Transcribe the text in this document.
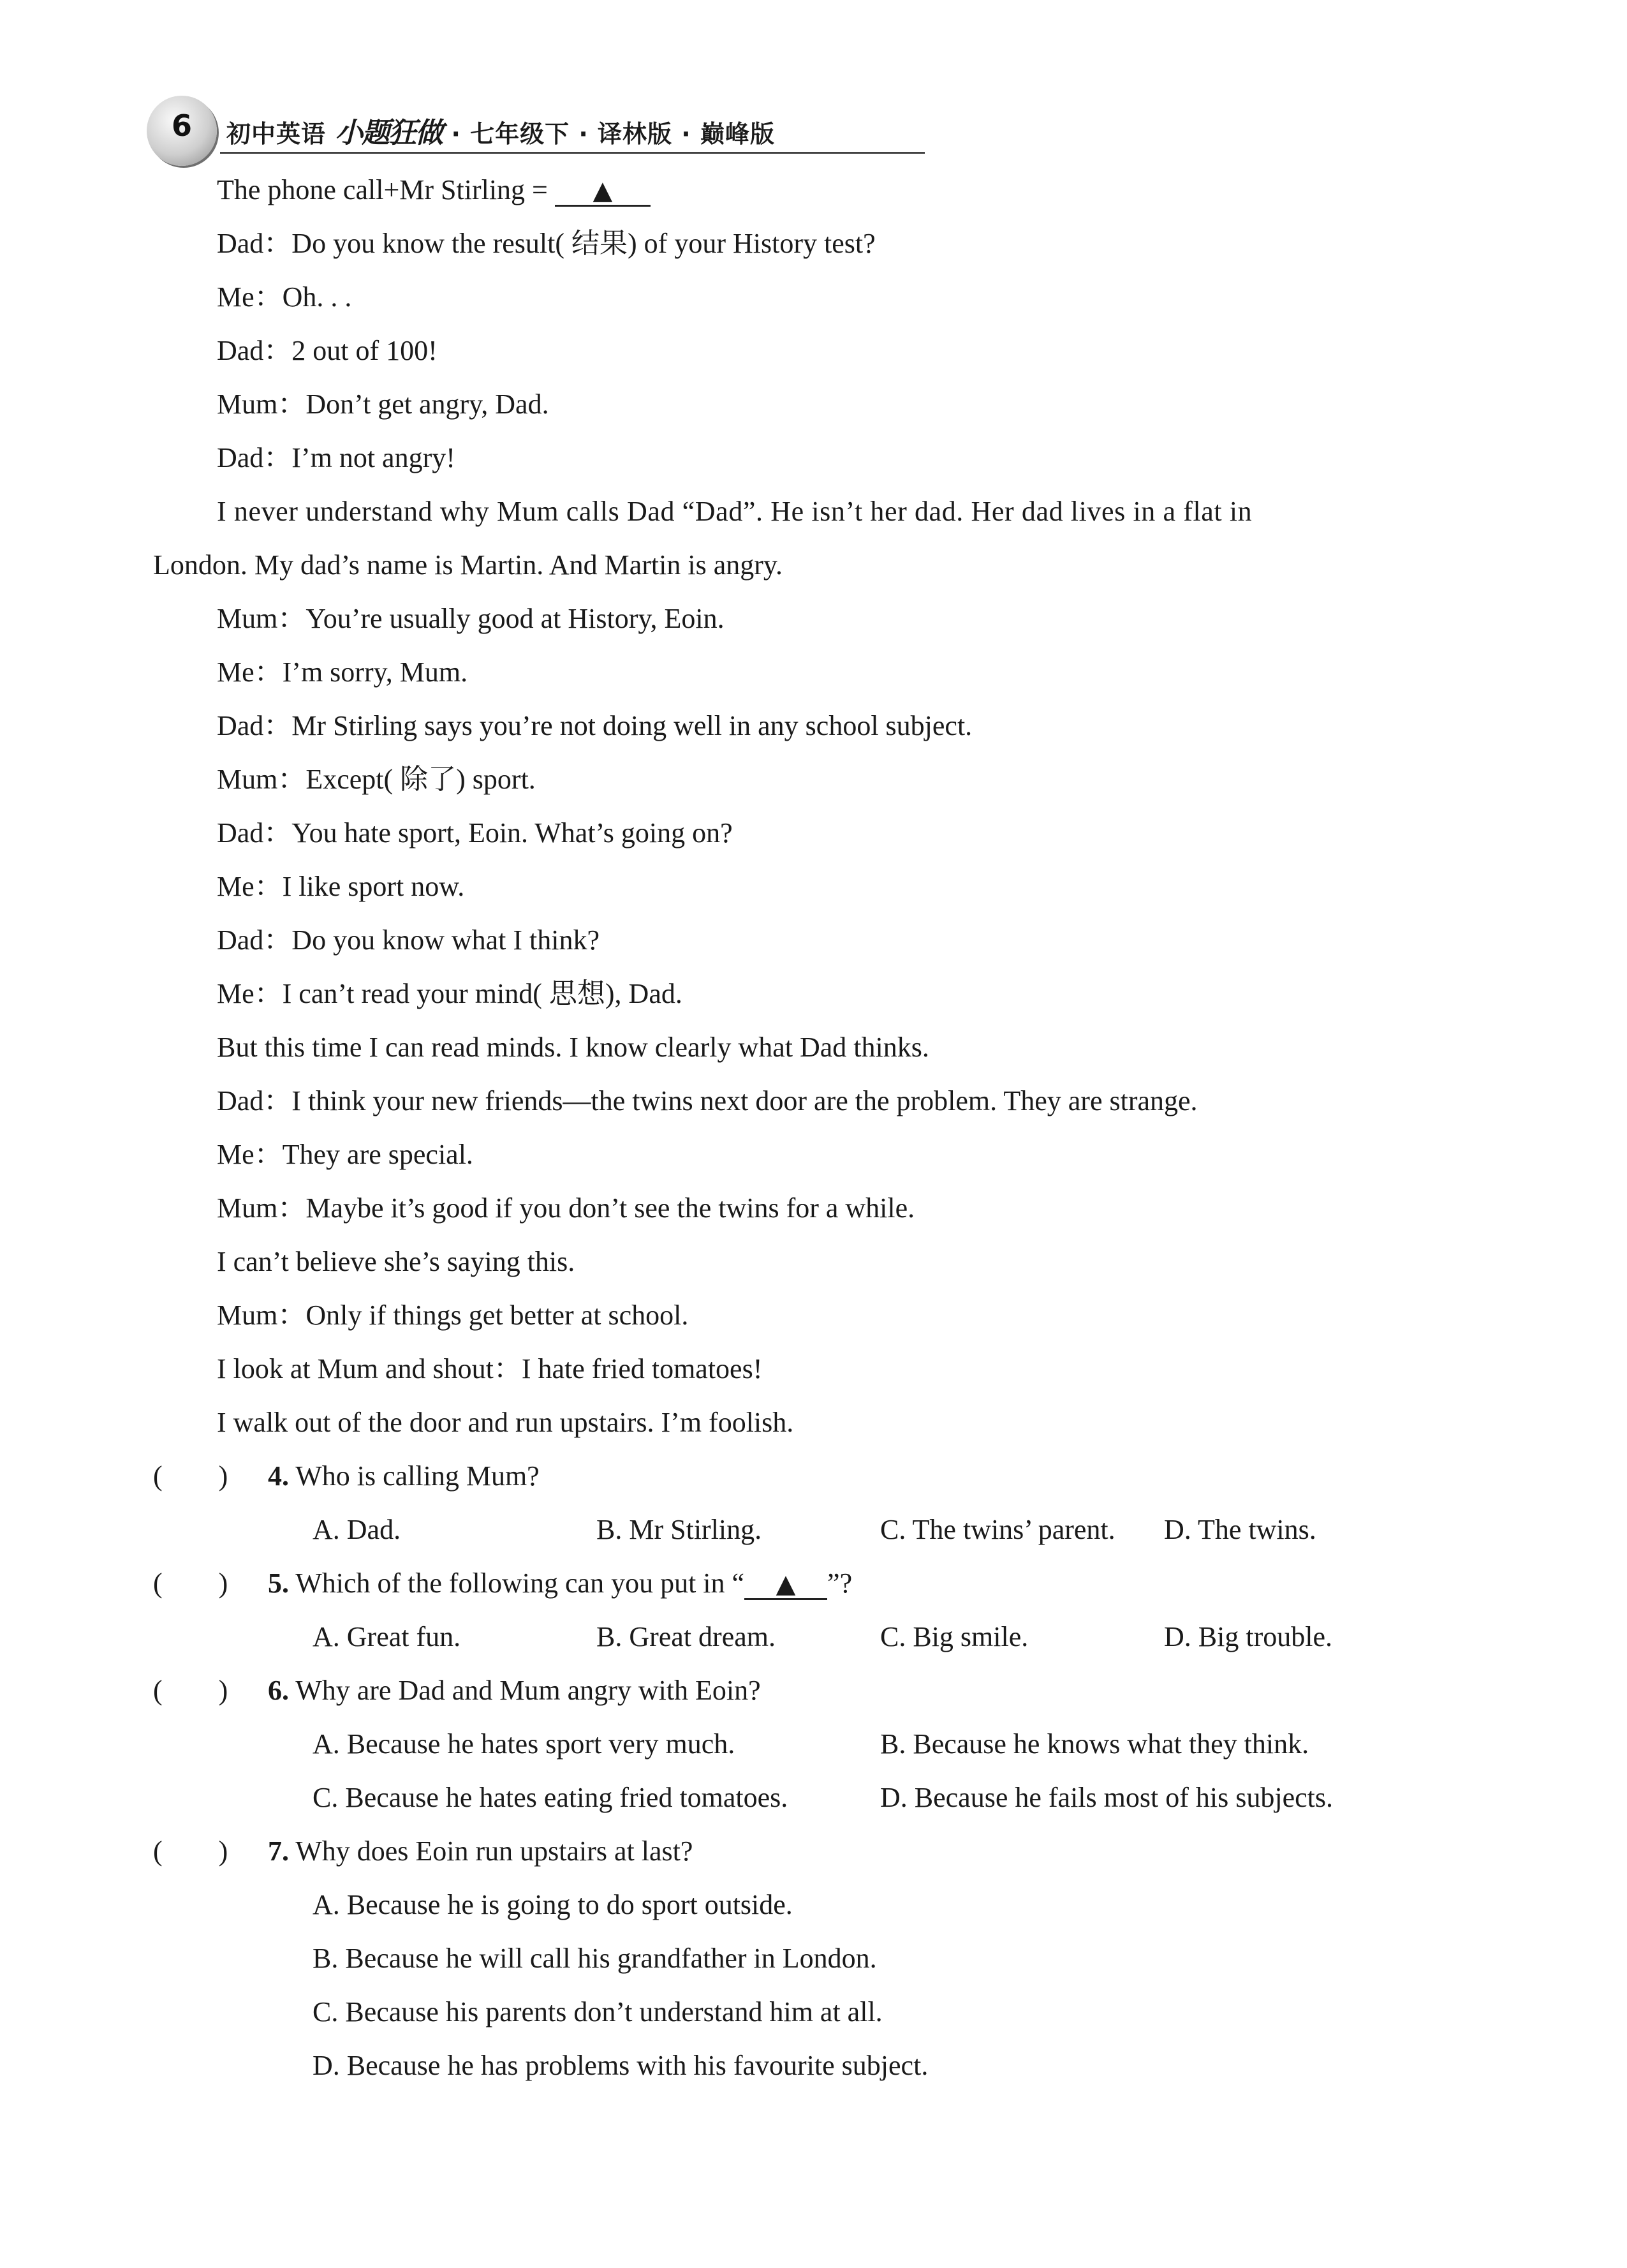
6	初中英语 小题狂做 · 七年级下 · 译林版 · 巅峰版
The phone call+Mr Stirling = ▲
Dad：Do you know the result( 结果) of your History test?
Me：Oh. . .
Dad：2 out of 100!
Mum：Don’t get angry, Dad.
Dad：I’m not angry!
I never understand why Mum calls Dad “Dad”. He isn’t her dad. Her dad lives in a flat in
London. My dad’s name is Martin. And Martin is angry.
Mum：You’re usually good at History, Eoin.
Me：I’m sorry, Mum.
Dad：Mr Stirling says you’re not doing well in any school subject.
Mum：Except( 除了) sport.
Dad：You hate sport, Eoin. What’s going on?
Me：I like sport now.
Dad：Do you know what I think?
Me：I can’t read your mind( 思想), Dad.
But this time I can read minds. I know clearly what Dad thinks.
Dad：I think your new friends—the twins next door are the problem. They are strange.
Me：They are special.
Mum：Maybe it’s good if you don’t see the twins for a while.
I can’t believe she’s saying this.
Mum：Only if things get better at school.
I look at Mum and shout：I hate fried tomatoes!
I walk out of the door and run upstairs. I’m foolish.
(　　) 4. Who is calling Mum?
A. Dad.	B. Mr Stirling.	C. The twins’ parent. D. The twins.
(　　) 5. Which of the following can you put in “ ▲ ”?
A. Great fun.	B. Great dream.	C. Big smile.	D. Big trouble.
(　　) 6. Why are Dad and Mum angry with Eoin?
A. Because he hates sport very much.	B. Because he knows what they think.
C. Because he hates eating fried tomatoes.	D. Because he fails most of his subjects.
(　　) 7. Why does Eoin run upstairs at last?
A. Because he is going to do sport outside.
B. Because he will call his grandfather in London.
C. Because his parents don’t understand him at all.
D. Because he has problems with his favourite subject.
